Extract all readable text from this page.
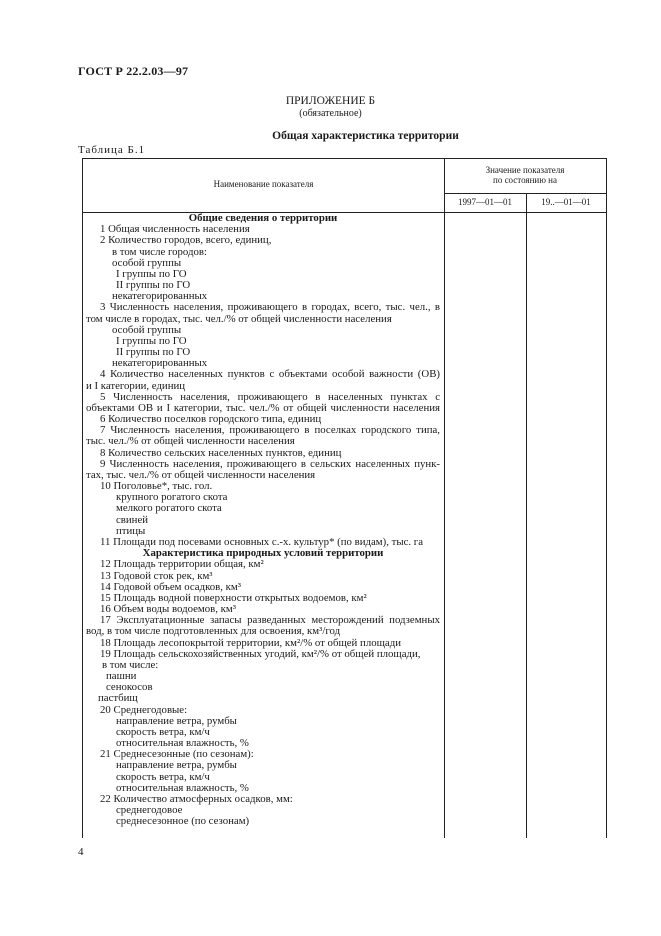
ГОСТ Р 22.2.03—97
ПРИЛОЖЕНИЕ Б
(обязательное)
Общая характеристика территории
Таблица Б.1
Наименование показателя
Значение показателя
по состоянию на
1997—01—01	19..—01—01
Общие сведения о территории
1 Общая численность населения
2 Количество городов, всего, единиц,
в том числе городов:
особой группы
I группы по ГО
II группы по ГО
некатегорированных
3 Численность населения, проживающего в городах, всего, тыс. чел., в
том числе в городах, тыс. чел./% от общей численности населения
особой группы
I группы по ГО
II группы по ГО
некатегорированных
4 Количество населенных пунктов с объектами особой важности (ОВ)
и I категории, единиц
5 Численность населения, проживающего в населенных пунктах с
объектами ОВ и I категории, тыс. чел./% от общей численности населения
6 Количество поселков городского типа, единиц
7 Численность населения, проживающего в поселках городского типа,
тыс. чел./% от общей численности населения
8 Количество сельских населенных пунктов, единиц
9 Численность населения, проживающего в сельских населенных пунк-
тах, тыс. чел./% от общей численности населения
10 Поголовье*, тыс. гол.
крупного рогатого скота
мелкого рогатого скота
свиней
птицы
11 Площади под посевами основных с.-х. культур* (по видам), тыс. га
Характеристика природных условий территории
12 Площадь территории общая, км²
13 Годовой сток рек, км³
14 Годовой объем осадков, км³
15 Площадь водной поверхности открытых водоемов, км²
16 Объем воды водоемов, км³
17 Эксплуатационные запасы разведанных месторождений подземных
вод, в том числе подготовленных для освоения, км³/год
18 Площадь лесопокрытой территории, км²/% от общей площади
19 Площадь сельскохозяйственных угодий, км²/% от общей площади,
в том числе:
пашни
сенокосов
пастбищ
20 Среднегодовые:
направление ветра, румбы
скорость ветра, км/ч
относительная влажность, %
21 Среднесезонные (по сезонам):
направление ветра, румбы
скорость ветра, км/ч
относительная влажность, %
22 Количество атмосферных осадков, мм:
среднегодовое
среднесезонное (по сезонам)
4
